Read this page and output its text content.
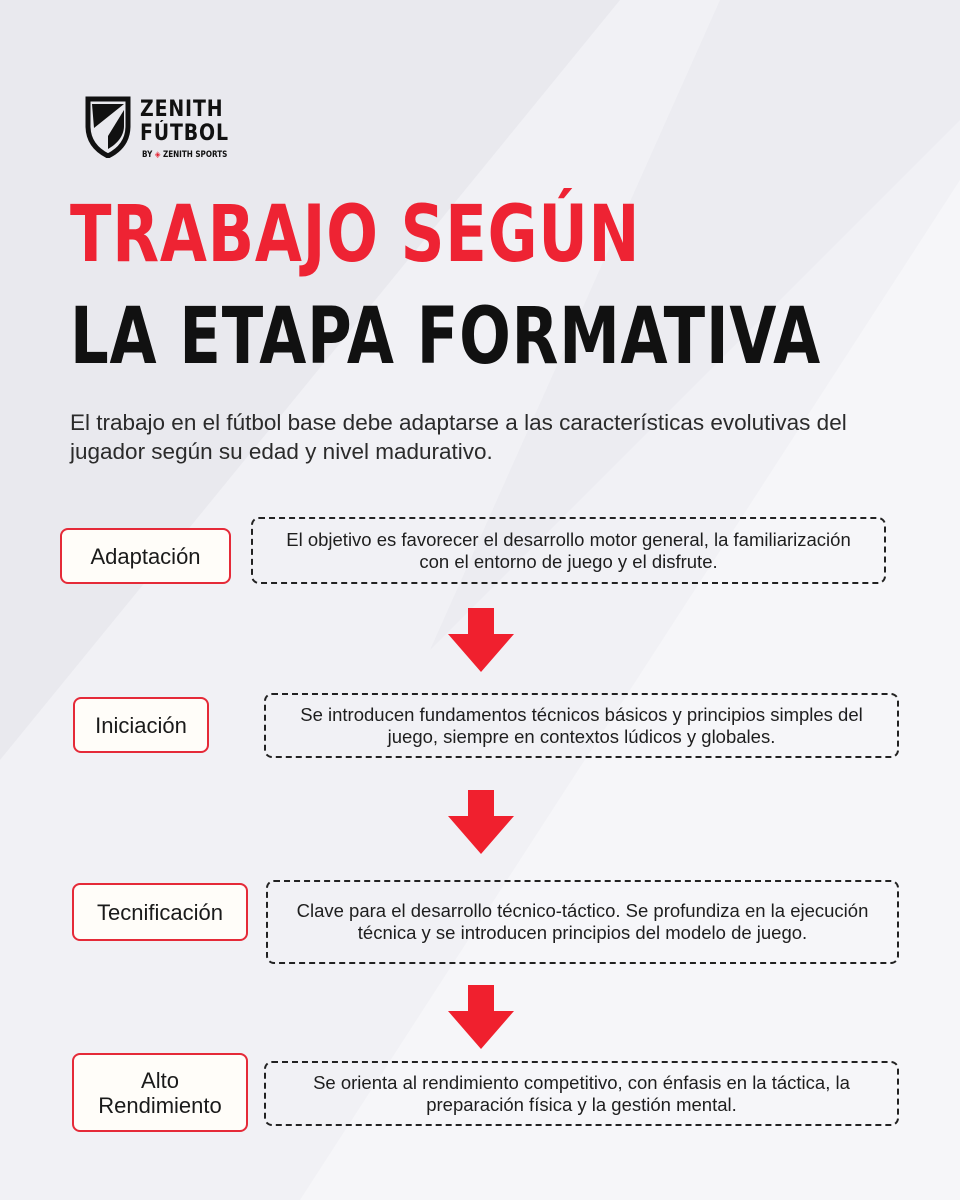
ZENITH
FÚTBOL
BY ◈ ZENITH SPORTS
TRABAJO SEGÚN
LA ETAPA FORMATIVA
El trabajo en el fútbol base debe adaptarse a las características evolutivas del jugador según su edad y nivel madurativo.
Adaptación
El objetivo es favorecer el desarrollo motor general, la familiarización con el entorno de juego y el disfrute.
Iniciación	Se introducen fundamentos técnicos básicos y principios simples del juego, siempre en contextos lúdicos y globales.
Tecnificación	Clave para el desarrollo técnico-táctico. Se profundiza en la ejecución técnica y se introducen principios del modelo de juego.
Alto Rendimiento
Se orienta al rendimiento competitivo, con énfasis en la táctica, la preparación física y la gestión mental.
